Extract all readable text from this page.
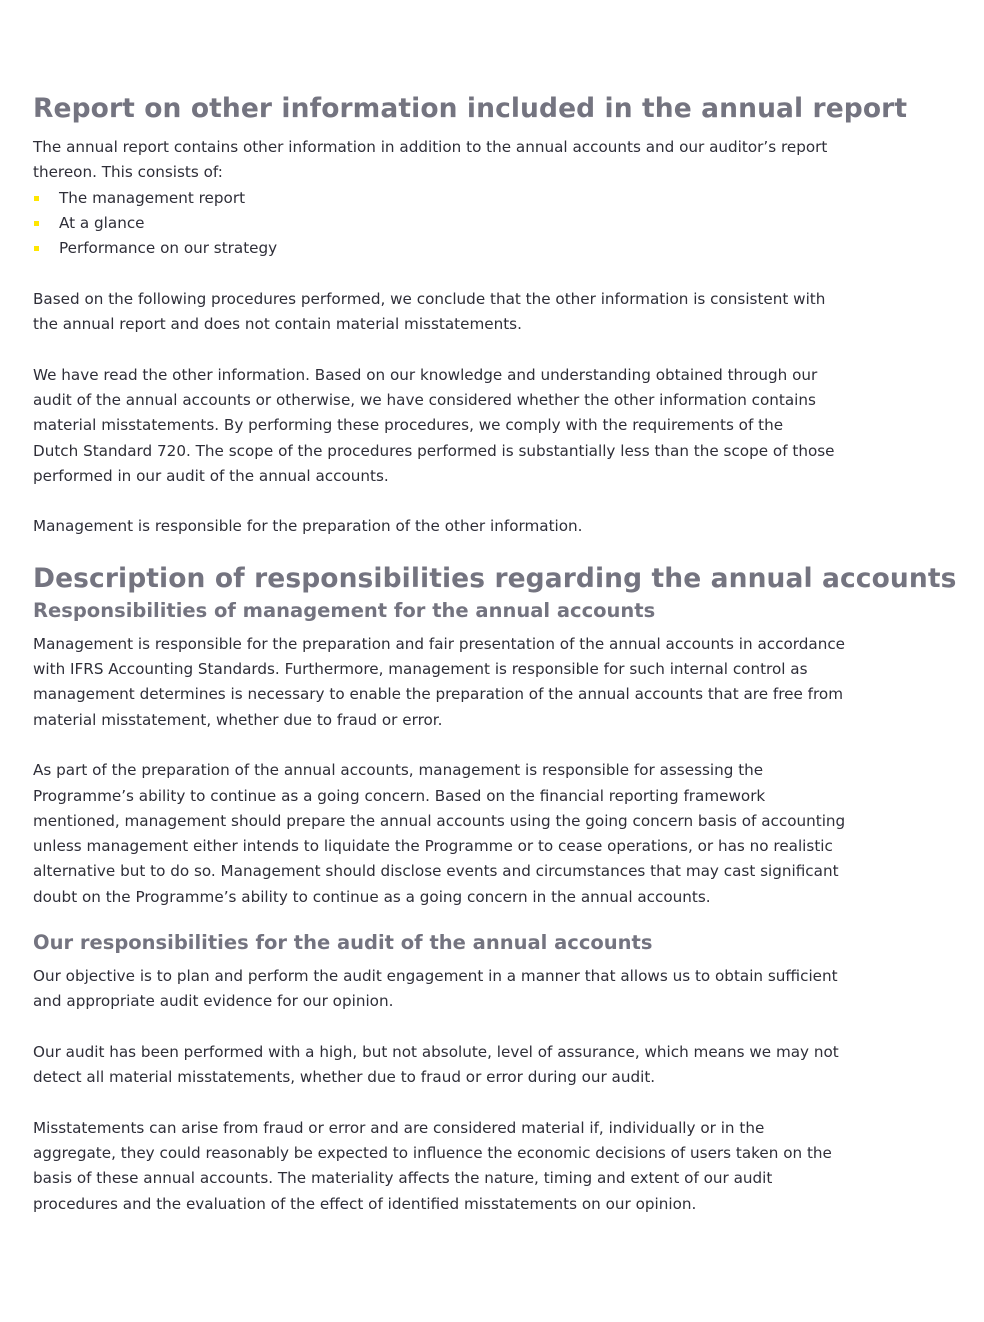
Report on other information included in the annual report
The annual report contains other information in addition to the annual accounts and our auditor’s report
thereon. This consists of:
The management report
At a glance
Performance on our strategy
Based on the following procedures performed, we conclude that the other information is consistent with
the annual report and does not contain material misstatements.
We have read the other information. Based on our knowledge and understanding obtained through our
audit of the annual accounts or otherwise, we have considered whether the other information contains
material misstatements. By performing these procedures, we comply with the requirements of the
Dutch Standard 720. The scope of the procedures performed is substantially less than the scope of those
performed in our audit of the annual accounts.
Management is responsible for the preparation of the other information.
Description of responsibilities regarding the annual accounts
Responsibilities of management for the annual accounts
Management is responsible for the preparation and fair presentation of the annual accounts in accordance
with IFRS Accounting Standards. Furthermore, management is responsible for such internal control as
management determines is necessary to enable the preparation of the annual accounts that are free from
material misstatement, whether due to fraud or error.
As part of the preparation of the annual accounts, management is responsible for assessing the
Programme’s ability to continue as a going concern. Based on the financial reporting framework
mentioned, management should prepare the annual accounts using the going concern basis of accounting
unless management either intends to liquidate the Programme or to cease operations, or has no realistic
alternative but to do so. Management should disclose events and circumstances that may cast significant
doubt on the Programme’s ability to continue as a going concern in the annual accounts.
Our responsibilities for the audit of the annual accounts
Our objective is to plan and perform the audit engagement in a manner that allows us to obtain sufficient
and appropriate audit evidence for our opinion.
Our audit has been performed with a high, but not absolute, level of assurance, which means we may not
detect all material misstatements, whether due to fraud or error during our audit.
Misstatements can arise from fraud or error and are considered material if, individually or in the
aggregate, they could reasonably be expected to influence the economic decisions of users taken on the
basis of these annual accounts. The materiality affects the nature, timing and extent of our audit
procedures and the evaluation of the effect of identified misstatements on our opinion.
